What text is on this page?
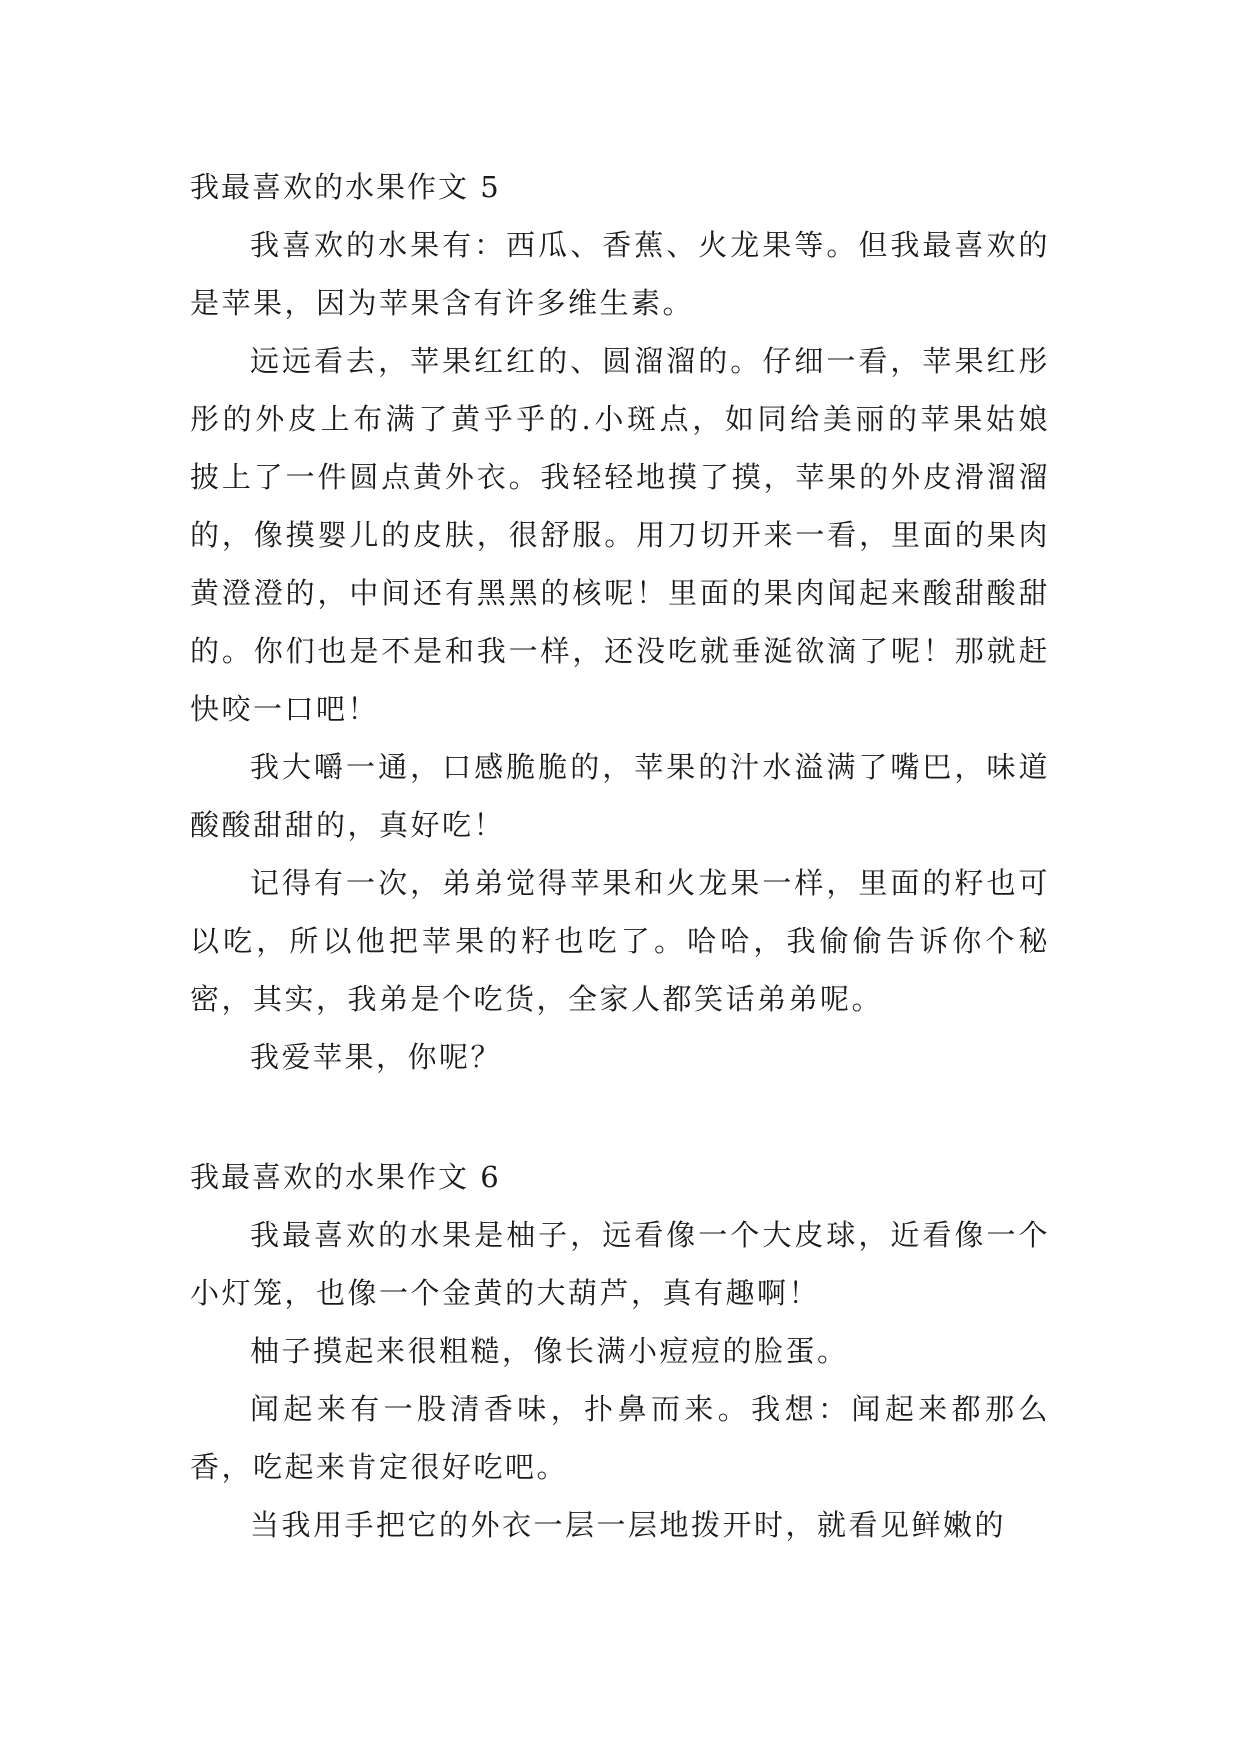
我最喜欢的水果作文 5

我喜欢的水果有：西瓜、香蕉、火龙果等。但我最喜欢的是苹果，因为苹果含有许多维生素。

远远看去，苹果红红的、圆溜溜的。仔细一看，苹果红彤彤的外皮上布满了黄乎乎的.小斑点，如同给美丽的苹果姑娘披上了一件圆点黄外衣。我轻轻地摸了摸，苹果的外皮滑溜溜的，像摸婴儿的皮肤，很舒服。用刀切开来一看，里面的果肉黄澄澄的，中间还有黑黑的核呢！里面的果肉闻起来酸甜酸甜的。你们也是不是和我一样，还没吃就垂涎欲滴了呢！那就赶快咬一口吧！

我大嚼一通，口感脆脆的，苹果的汁水溢满了嘴巴，味道酸酸甜甜的，真好吃！

记得有一次，弟弟觉得苹果和火龙果一样，里面的籽也可以吃，所以他把苹果的籽也吃了。哈哈，我偷偷告诉你个秘密，其实，我弟是个吃货，全家人都笑话弟弟呢。

我爱苹果，你呢？

我最喜欢的水果作文 6

我最喜欢的水果是柚子，远看像一个大皮球，近看像一个小灯笼，也像一个金黄的大葫芦，真有趣啊！

柚子摸起来很粗糙，像长满小痘痘的脸蛋。

闻起来有一股清香味，扑鼻而来。我想：闻起来都那么香，吃起来肯定很好吃吧。

当我用手把它的外衣一层一层地拨开时，就看见鲜嫩的
